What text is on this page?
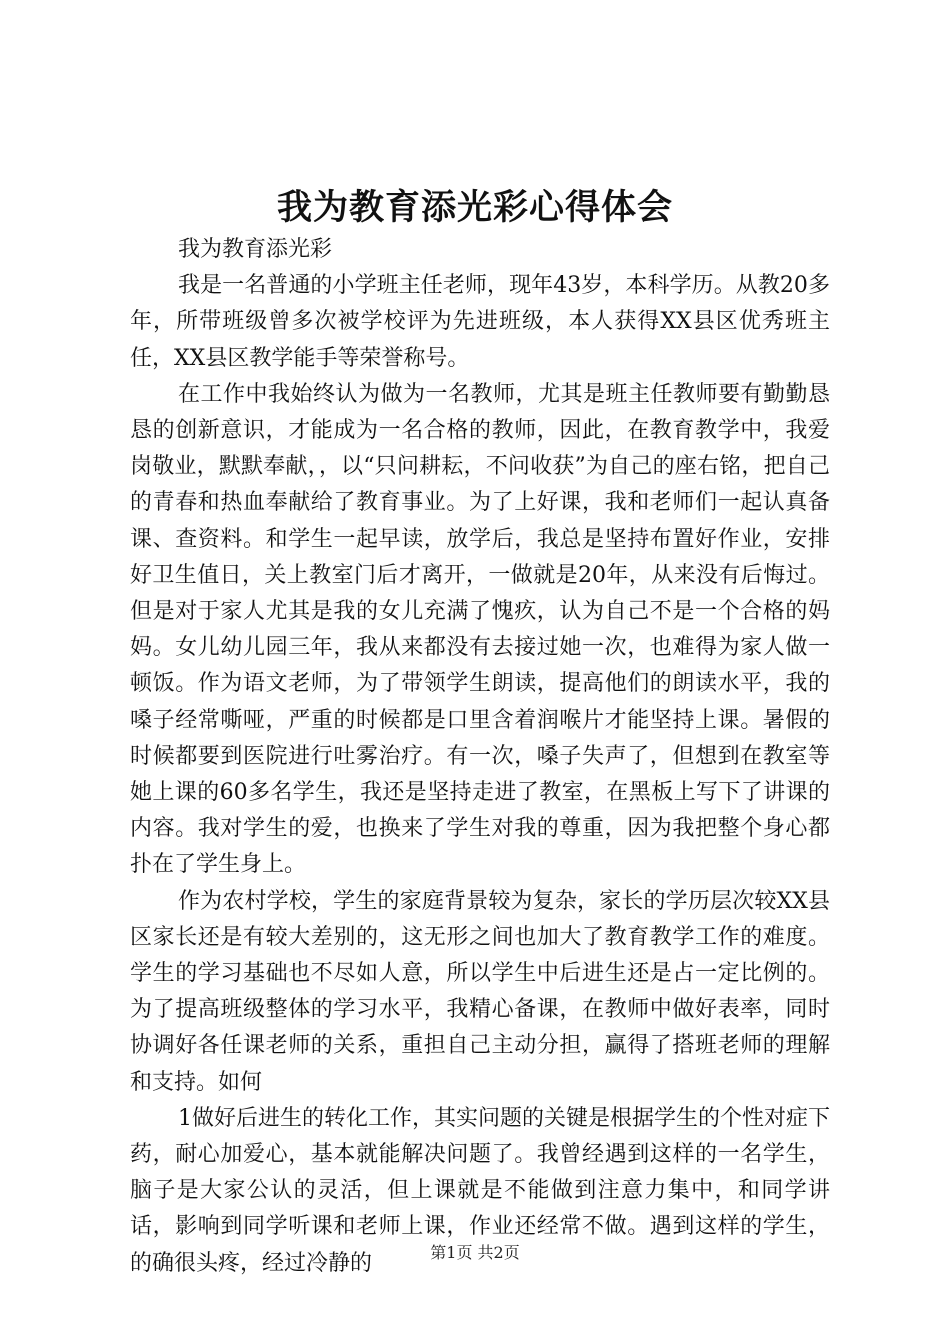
我为教育添光彩心得体会

我为教育添光彩

我是一名普通的小学班主任老师，现年43岁，本科学历。从教20多年，所带班级曾多次被学校评为先进班级，本人获得XX县区优秀班主任，XX县区教学能手等荣誉称号。

在工作中我始终认为做为一名教师，尤其是班主任教师要有勤勤恳恳的创新意识，才能成为一名合格的教师，因此，在教育教学中，我爱岗敬业，默默奉献，，以“只问耕耘，不问收获”为自己的座右铭，把自己的青春和热血奉献给了教育事业。为了上好课，我和老师们一起认真备课、查资料。和学生一起早读，放学后，我总是坚持布置好作业，安排好卫生值日，关上教室门后才离开，一做就是20年，从来没有后悔过。但是对于家人尤其是我的女儿充满了愧疚，认为自己不是一个合格的妈妈。女儿幼儿园三年，我从来都没有去接过她一次，也难得为家人做一顿饭。作为语文老师，为了带领学生朗读，提高他们的朗读水平，我的嗓子经常嘶哑，严重的时候都是口里含着润喉片才能坚持上课。暑假的时候都要到医院进行吐雾治疗。有一次，嗓子失声了，但想到在教室等她上课的60多名学生，我还是坚持走进了教室，在黑板上写下了讲课的内容。我对学生的爱，也换来了学生对我的尊重，因为我把整个身心都扑在了学生身上。

作为农村学校，学生的家庭背景较为复杂，家长的学历层次较XX县区家长还是有较大差别的，这无形之间也加大了教育教学工作的难度。学生的学习基础也不尽如人意，所以学生中后进生还是占一定比例的。为了提高班级整体的学习水平，我精心备课，在教师中做好表率，同时协调好各任课老师的关系，重担自己主动分担，赢得了搭班老师的理解和支持。如何

1做好后进生的转化工作，其实问题的关键是根据学生的个性对症下药，耐心加爱心，基本就能解决问题了。我曾经遇到这样的一名学生，脑子是大家公认的灵活，但上课就是不能做到注意力集中，和同学讲话，影响到同学听课和老师上课，作业还经常不做。遇到这样的学生，的确很头疼，经过冷静的	第1页 共2页
